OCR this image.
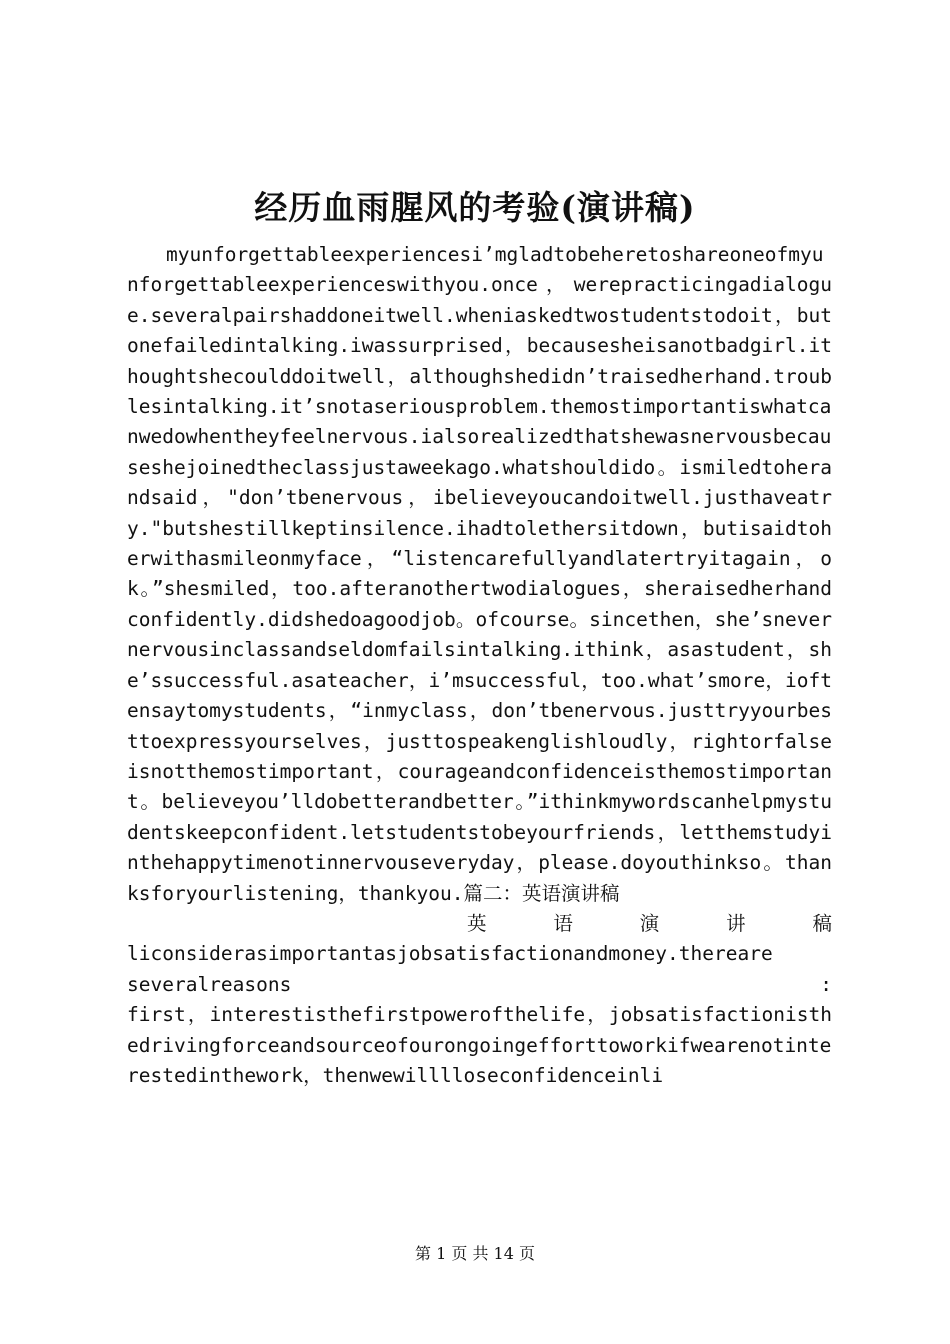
经历血雨腥风的考验(演讲稿)

myunforgettableexperiencesi’mgladtobeheretoshareoneofmyunforgettableexperienceswithyou.once，werepracticingadialogue.severalpairshaddoneitwell.wheniaskedtwostudentstodoit，butonefailedintalking.iwassurprised，becausesheisanotbadgirl.ithoughtshecoulddoitwell，althoughshedidn’traisedherhand.troublesintalking.it’snotaseriousproblem.themostimportantiswhatcanwedowhentheyfeelnervous.ialsorealizedthatshewasnervousbecauseshejoinedtheclassjustaweekago.whatshouldido。ismiledtoherandsaid，"don’tbenervous，ibelieveyoucandoitwell.justhaveatry."butshestillkeptinsilence.ihadtolethersitdown，butisaidtoherwithasmileonmyface，“listencarefullyandlatertryitagain，ok。”shesmiled，too.afteranothertwodialogues，sheraisedherhandconfidently.didshedoagoodjob。ofcourse。sincethen，she’snevernervousinclassandseldomfailsintalking.ithink，asastudent，she’ssuccessful.asateacher，i’msuccessful，too.what’smore，ioftensaytomystudents，“inmyclass，don’tbenervous.justtryyourbesttoexpressyourselves，justtospeakenglishloudly，rightorfalseisnotthemostimportant，courageandconfidenceisthemostimportant。believeyou’lldobetterandbetter。”ithinkmywordscanhelpmystudentskeepconfident.letstudentstobeyourfriends，letthemstudyinthehappytimenotinnervouseveryday，please.doyouthinkso。thanksforyourlistening，thankyou.篇二：英语演讲稿

英	语	演	讲	稿

liconsiderasimportantasjobsatisfactionandmoney.thereare

severalreasons	:

first，interestisthefirstpowerofthelife，jobsatisfactionisthedrivingforceandsourceofourongoingefforttoworkifwearenotinterestedinthework，thenwewilllloseconfidenceinli

第 1 页 共 14 页
